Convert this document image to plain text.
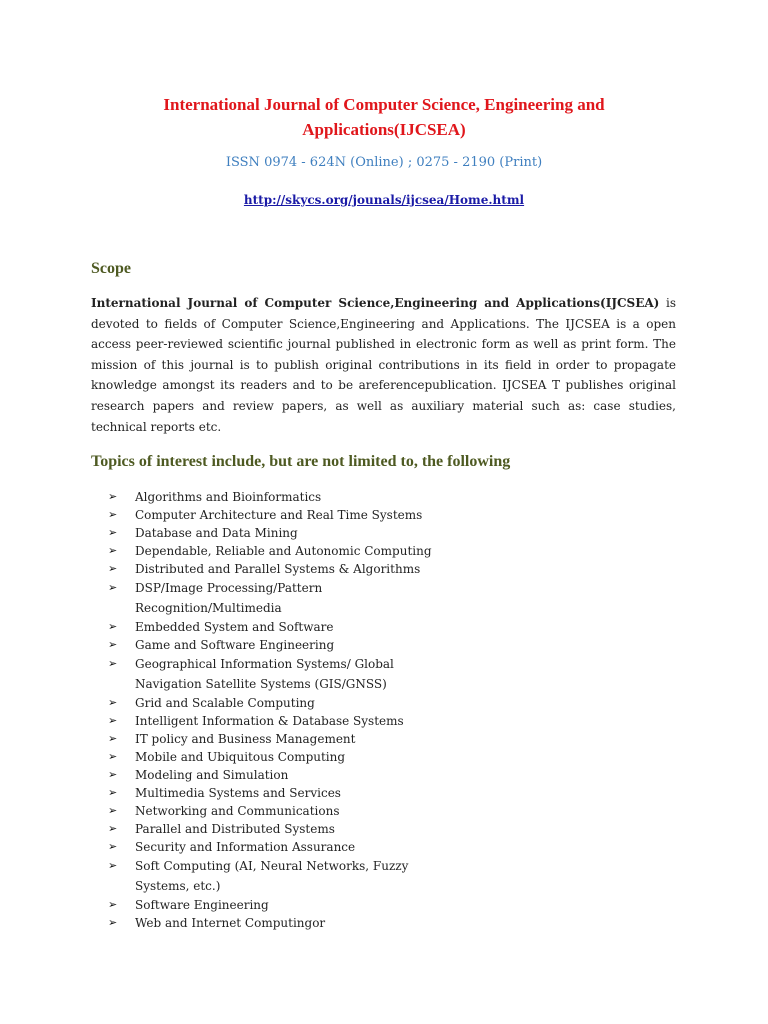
International Journal of Computer Science, Engineering and Applications(IJCSEA)
ISSN 0974 - 624N (Online) ; 0275 - 2190 (Print)
http://skycs.org/jounals/ijcsea/Home.html
Scope
International Journal of Computer Science,Engineering and Applications(IJCSEA) is devoted to fields of Computer Science,Engineering and Applications. The IJCSEA is a open access peer-reviewed scientific journal published in electronic form as well as print form. The mission of this journal is to publish original contributions in its field in order to propagate knowledge amongst its readers and to be areferencepublication. IJCSEA T publishes original research papers and review papers, as well as auxiliary material such as: case studies, technical reports etc.
Topics of interest include, but are not limited to, the following
➢ Algorithms and Bioinformatics
➢ Computer Architecture and Real Time Systems
➢ Database and Data Mining
➢ Dependable, Reliable and Autonomic Computing
➢ Distributed and Parallel Systems & Algorithms
➢ DSP/Image Processing/Pattern Recognition/Multimedia
➢ Embedded System and Software
➢ Game and Software Engineering
➢ Geographical Information Systems/ Global Navigation Satellite Systems (GIS/GNSS)
➢ Grid and Scalable Computing
➢ Intelligent Information & Database Systems
➢ IT policy and Business Management
➢ Mobile and Ubiquitous Computing
➢ Modeling and Simulation
➢ Multimedia Systems and Services
➢ Networking and Communications
➢ Parallel and Distributed Systems
➢ Security and Information Assurance
➢ Soft Computing (AI, Neural Networks, Fuzzy Systems, etc.)
➢ Software Engineering
➢ Web and Internet Computingor
